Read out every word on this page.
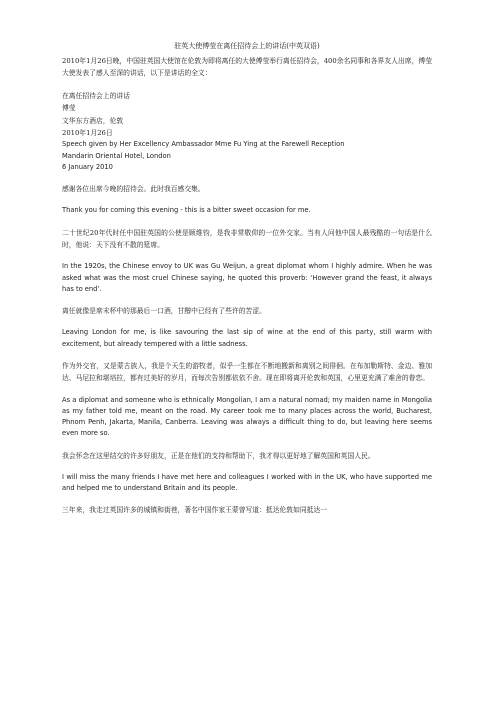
驻英大使傅莹在离任招待会上的讲话(中英双语)

2010年1月26日晚，中国驻英国大使馆在伦敦为即将离任的大使傅莹举行离任招待会，400余名同事和各界友人出席，傅莹大使发表了感人至深的讲话，以下是讲话的全文：

在离任招待会上的讲话
傅莹
文华东方酒店，伦敦
2010年1月26日
Speech given by Her Excellency Ambassador Mme Fu Ying at the Farewell Reception
Mandarin Oriental Hotel, London
6 January 2010

感谢各位出席今晚的招待会。此时我百感交集。

Thank you for coming this evening - this is a bitter sweet occasion for me.

二十世纪20年代时任中国驻英国的公使是顾维钧，是我非常敬仰的一位外交家。当有人问他中国人最残酷的一句话是什么时，他说：天下没有不散的筵席。

In the 1920s, the Chinese envoy to UK was Gu Weijun, a great diplomat whom I highly admire. When he was asked what was the most cruel Chinese saying, he quoted this proverb: ‘However grand the feast, it always has to end’.

离任就像是席末杯中的那最后一口酒，甘醇中已经有了些许的苦涩。

Leaving London for me, is like savouring the last sip of wine at the end of this party, still warm with excitement, but already tempered with a little sadness.

作为外交官，又是蒙古族人，我是个天生的游牧者，似乎一生都在不断地搬新和离别之间徘徊。在布加勒斯特、金边、雅加达、马尼拉和堪培拉，都有过美好的岁月，而每次告别都依依不舍。现在即将离开伦敦和英国，心里更充满了难舍的眷恋。

As a diplomat and someone who is ethnically Mongolian, I am a natural nomad; my maiden name in Mongolia as my father told me, meant on the road. My career took me to many places across the world, Bucharest, Phnom Penh, Jakarta, Manila, Canberra. Leaving was always a difficult thing to do, but leaving here seems even more so.

我会怀念在这里结交的许多好朋友，正是在他们的支持和帮助下，我才得以更好地了解英国和英国人民。

I will miss the many friends I have met here and colleagues I worked with in the UK, who have supported me and helped me to understand Britain and its people.

三年来，我走过英国许多的城镇和街巷，著名中国作家王蒙曾写道：抵达伦敦如同抵达一
